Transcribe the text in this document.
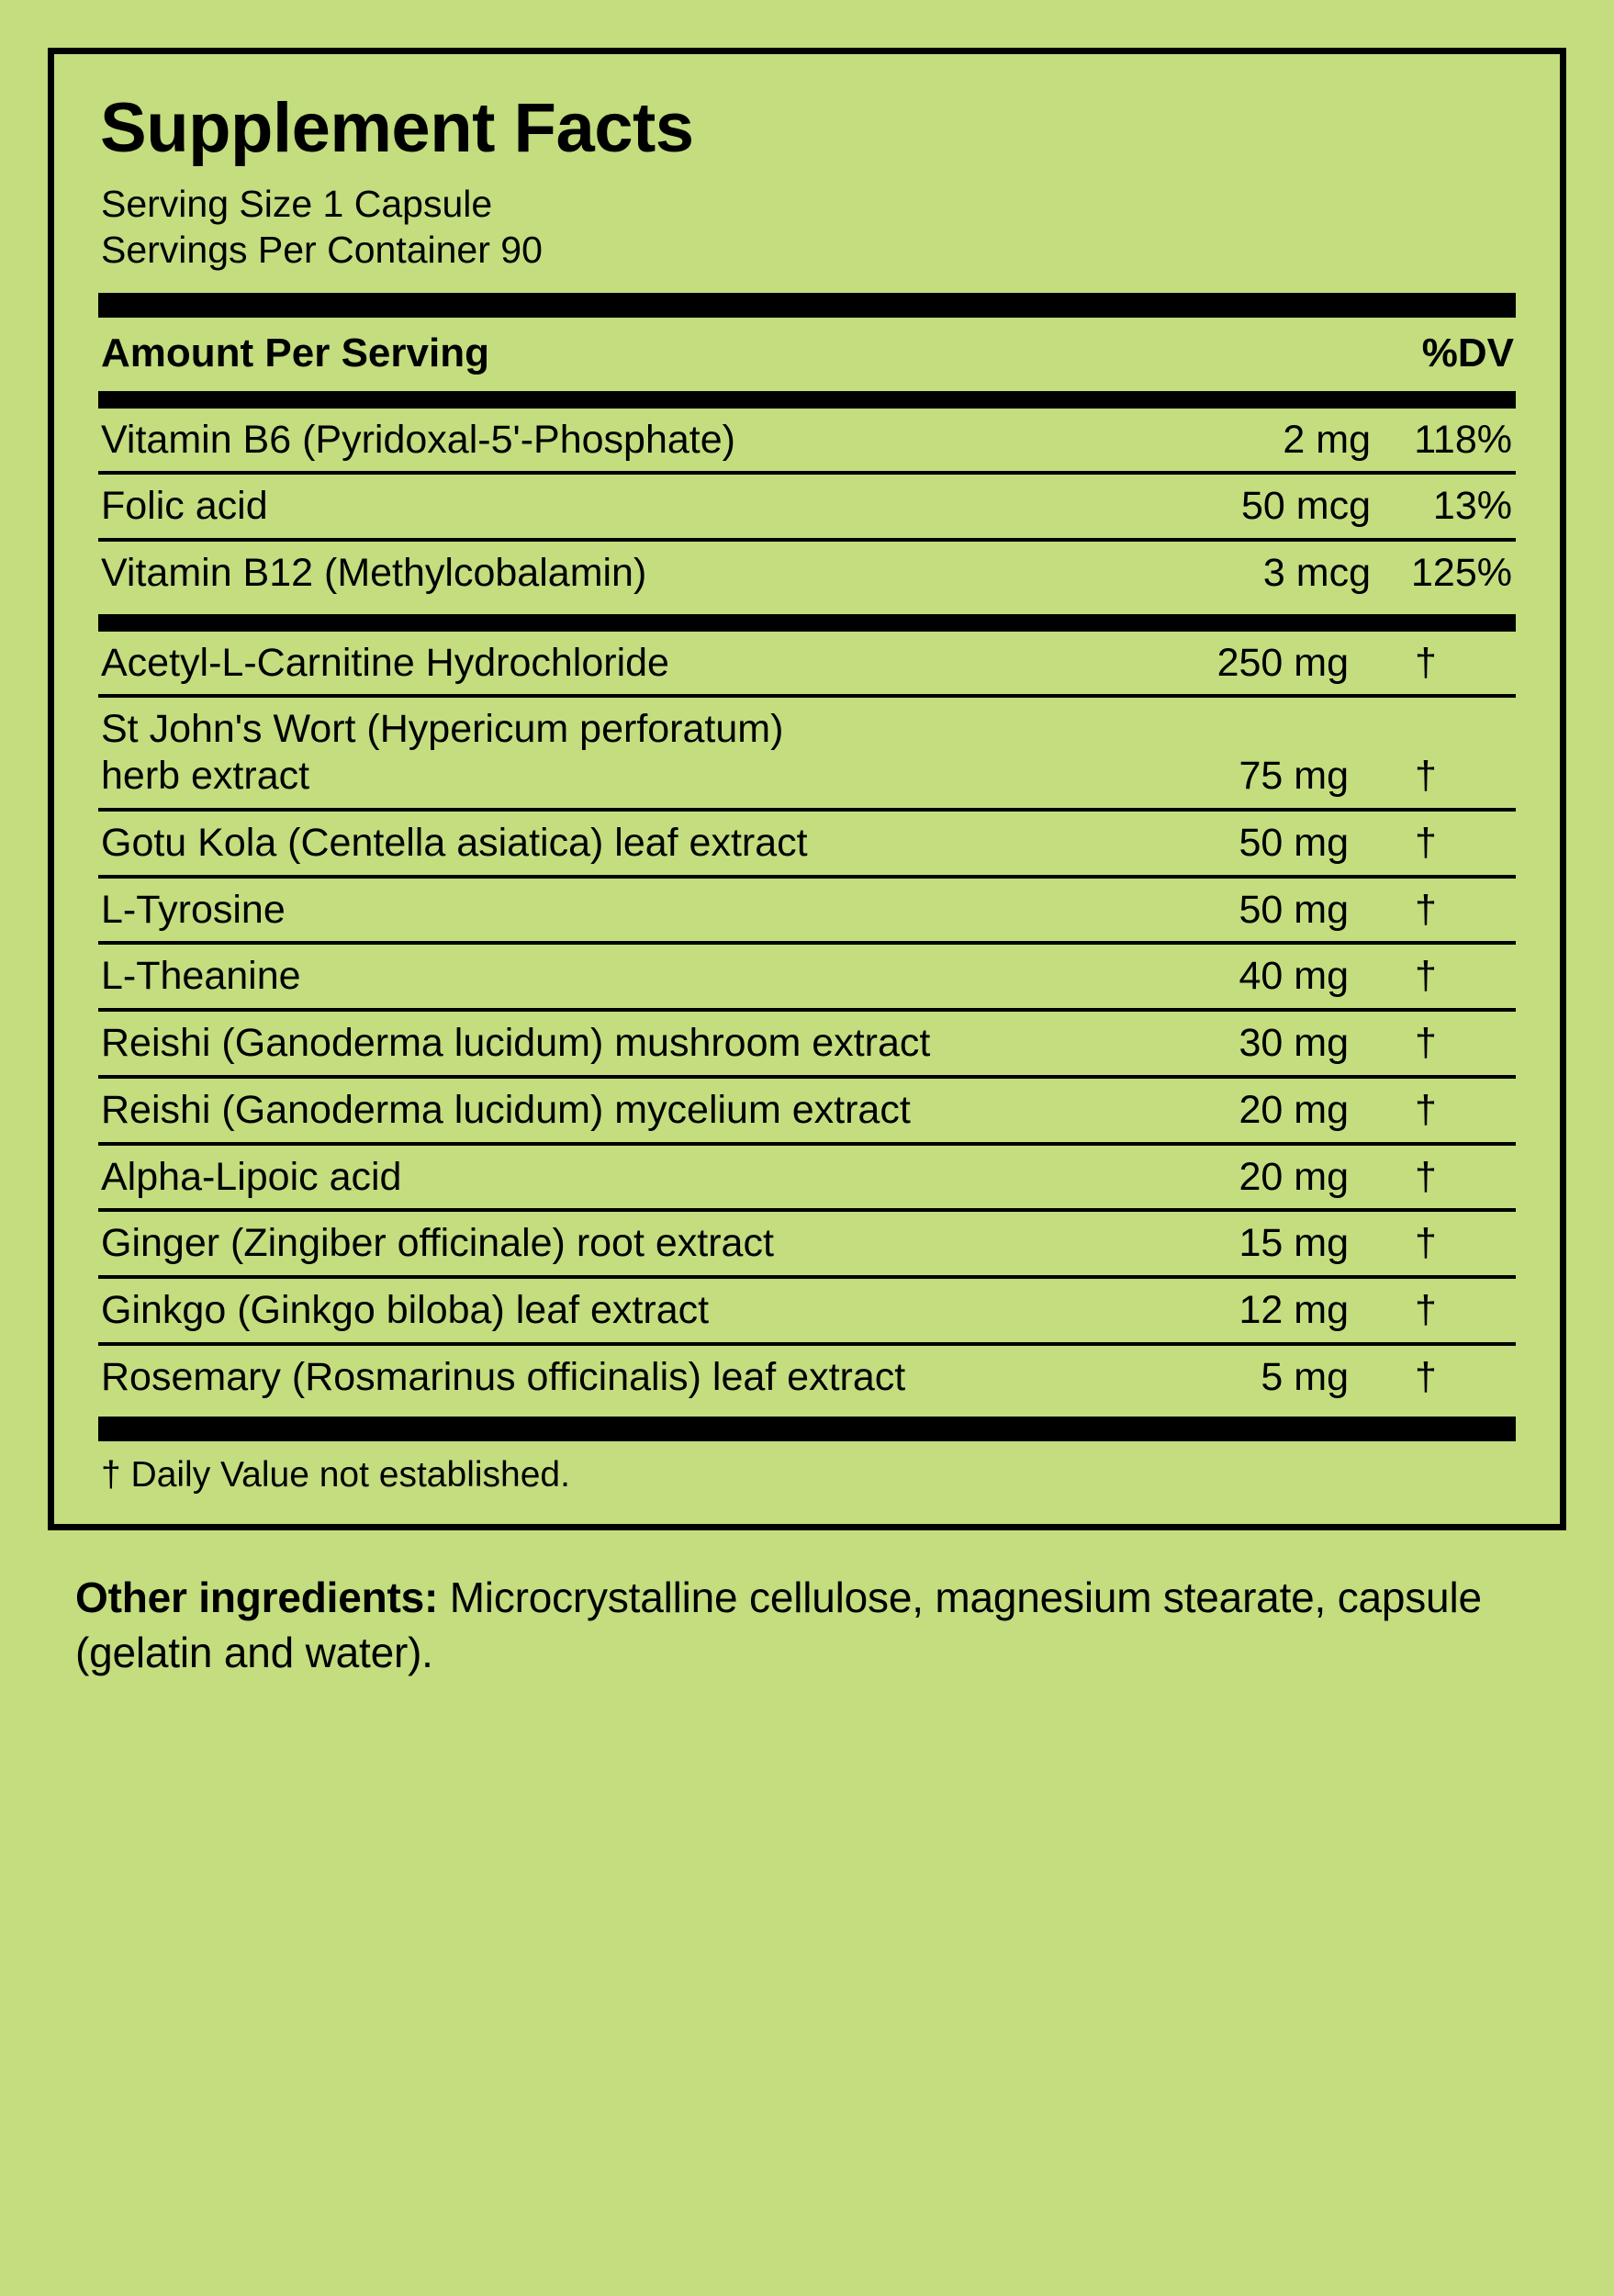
Supplement Facts
Serving Size 1 Capsule
Servings Per Container 90
Amount Per Serving	%DV
Vitamin B6 (Pyridoxal-5'-Phosphate)	2 mg	118%
Folic acid	50 mcg	13%
Vitamin B12 (Methylcobalamin)	3 mcg	125%
Acetyl-L-Carnitine Hydrochloride	250 mg	†
St John's Wort (Hypericum perforatum)
herb extract	75 mg	†
Gotu Kola (Centella asiatica) leaf extract	50 mg	†
L-Tyrosine	50 mg	†
L-Theanine	40 mg	†
Reishi (Ganoderma lucidum) mushroom extract	30 mg	†
Reishi (Ganoderma lucidum) mycelium extract	20 mg	†
Alpha-Lipoic acid	20 mg	†
Ginger (Zingiber officinale) root extract	15 mg	†
Ginkgo (Ginkgo biloba) leaf extract	12 mg	†
Rosemary (Rosmarinus officinalis) leaf extract	5 mg	†
† Daily Value not established.
Other ingredients: Microcrystalline cellulose, magnesium stearate, capsule (gelatin and water).
